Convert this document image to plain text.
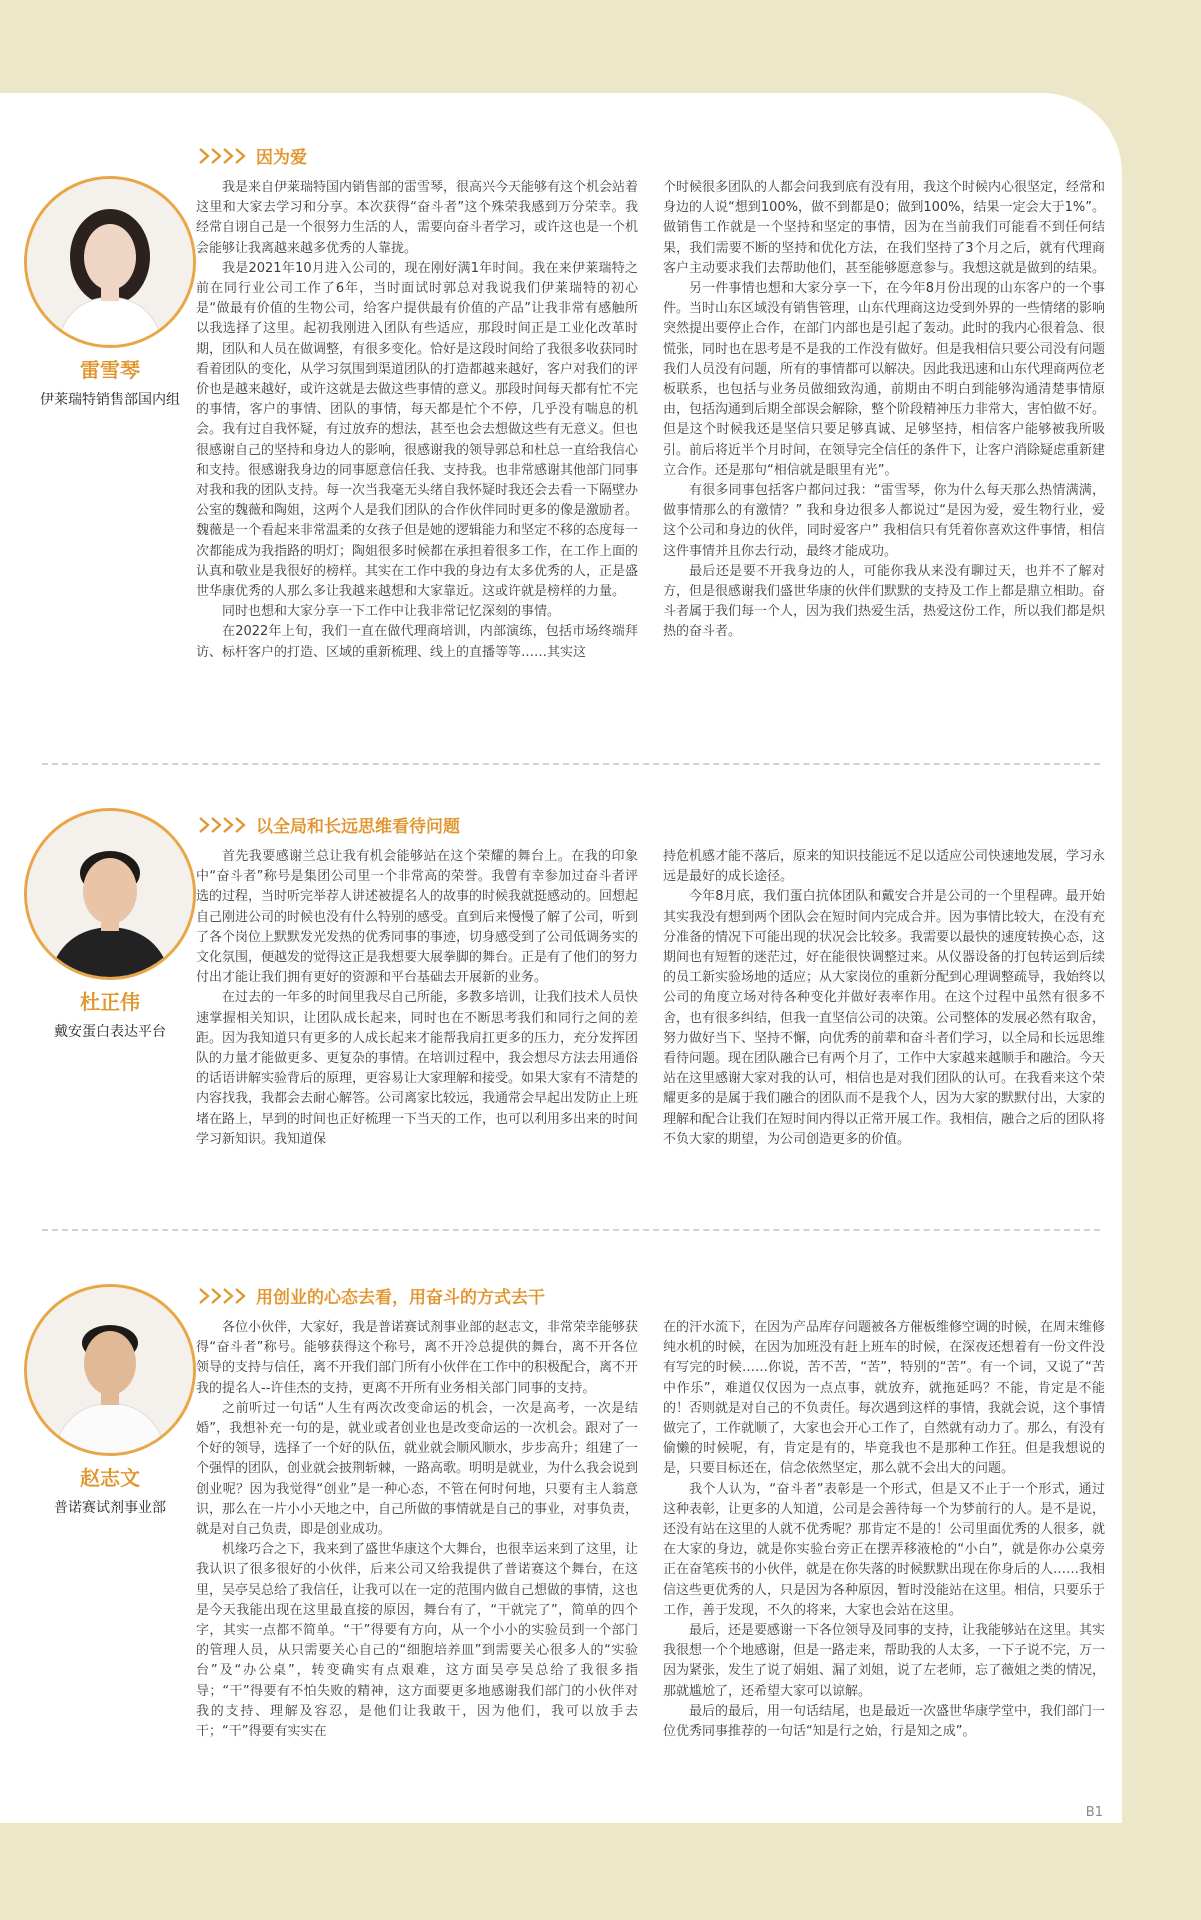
雷雪琴
伊莱瑞特销售部国内组
因为爱

我是来自伊莱瑞特国内销售部的雷雪琴，很高兴今天能够有这个机会站着这里和大家去学习和分享。本次获得“奋斗者”这个殊荣我感到万分荣幸。我经常自诩自己是一个很努力生活的人，需要向奋斗者学习，或许这也是一个机会能够让我离越来越多优秀的人靠拢。

我是2021年10月进入公司的，现在刚好满1年时间。我在来伊莱瑞特之前在同行业公司工作了6年，当时面试时郭总对我说我们伊莱瑞特的初心是“做最有价值的生物公司，给客户提供最有价值的产品”让我非常有感触所以我选择了这里。起初我刚进入团队有些适应，那段时间正是工业化改革时期，团队和人员在做调整，有很多变化。恰好是这段时间给了我很多收获同时看着团队的变化，从学习氛围到渠道团队的打造都越来越好，客户对我们的评价也是越来越好，或许这就是去做这些事情的意义。那段时间每天都有忙不完的事情，客户的事情、团队的事情，每天都是忙个不停，几乎没有喘息的机会。我有过自我怀疑，有过放弃的想法，甚至也会去想做这些有无意义。但也很感谢自己的坚持和身边人的影响，很感谢我的领导郭总和杜总一直给我信心和支持。很感谢我身边的同事愿意信任我、支持我。也非常感谢其他部门同事对我和我的团队支持。每一次当我毫无头绪自我怀疑时我还会去看一下隔壁办公室的魏薇和陶姐，这两个人是我们团队的合作伙伴同时更多的像是激励者。魏薇是一个看起来非常温柔的女孩子但是她的逻辑能力和坚定不移的态度每一次都能成为我指路的明灯；陶姐很多时候都在承担着很多工作，在工作上面的认真和敬业是我很好的榜样。其实在工作中我的身边有太多优秀的人，正是盛世华康优秀的人那么多让我越来越想和大家靠近。这或许就是榜样的力量。

同时也想和大家分享一下工作中让我非常记忆深刻的事情。

在2022年上旬，我们一直在做代理商培训，内部演练，包括市场终端拜访、标杆客户的打造、区域的重新梳理、线上的直播等等……其实这

个时候很多团队的人都会问我到底有没有用，我这个时候内心很坚定，经常和身边的人说“想到100%，做不到都是0；做到100%，结果一定会大于1%”。做销售工作就是一个坚持和坚定的事情，因为在当前我们可能看不到任何结果，我们需要不断的坚持和优化方法，在我们坚持了3个月之后，就有代理商客户主动要求我们去帮助他们，甚至能够愿意参与。我想这就是做到的结果。

另一件事情也想和大家分享一下，在今年8月份出现的山东客户的一个事件。当时山东区域没有销售管理，山东代理商这边受到外界的一些情绪的影响突然提出要停止合作，在部门内部也是引起了轰动。此时的我内心很着急、很慌张，同时也在思考是不是我的工作没有做好。但是我相信只要公司没有问题我们人员没有问题，所有的事情都可以解决。因此我迅速和山东代理商两位老板联系，也包括与业务员做细致沟通，前期由不明白到能够沟通清楚事情原由，包括沟通到后期全部误会解除，整个阶段精神压力非常大，害怕做不好。但是这个时候我还是坚信只要足够真诚、足够坚持，相信客户能够被我所吸引。前后将近半个月时间，在领导完全信任的条件下，让客户消除疑虑重新建立合作。还是那句“相信就是眼里有光”。

有很多同事包括客户都问过我：“雷雪琴，你为什么每天那么热情满满，做事情那么的有激情？” 我和身边很多人都说过“是因为爱，爱生物行业，爱这个公司和身边的伙伴，同时爱客户” 我相信只有凭着你喜欢这件事情，相信这件事情并且你去行动，最终才能成功。

最后还是要不开我身边的人，可能你我从来没有聊过天，也并不了解对方，但是很感谢我们盛世华康的伙伴们默默的支持及工作上都是鼎立相助。奋斗者属于我们每一个人，因为我们热爱生活，热爱这份工作，所以我们都是炽热的奋斗者。

杜正伟
戴安蛋白表达平台
以全局和长远思维看待问题

首先我要感谢兰总让我有机会能够站在这个荣耀的舞台上。在我的印象中“奋斗者”称号是集团公司里一个非常高的荣誉。我曾有幸参加过奋斗者评选的过程，当时听完举荐人讲述被提名人的故事的时候我就挺感动的。回想起自己刚进公司的时候也没有什么特别的感受。直到后来慢慢了解了公司，听到了各个岗位上默默发光发热的优秀同事的事迹，切身感受到了公司低调务实的文化氛围，便越发的觉得这正是我想要大展拳脚的舞台。正是有了他们的努力付出才能让我们拥有更好的资源和平台基础去开展新的业务。

在过去的一年多的时间里我尽自己所能，多教多培训，让我们技术人员快速掌握相关知识，让团队成长起来，同时也在不断思考我们和同行之间的差距。因为我知道只有更多的人成长起来才能帮我肩扛更多的压力，充分发挥团队的力量才能做更多、更复杂的事情。在培训过程中，我会想尽方法去用通俗的话语讲解实验背后的原理，更容易让大家理解和接受。如果大家有不清楚的内容找我，我都会去耐心解答。公司离家比较远，我通常会早起出发防止上班堵在路上，早到的时间也正好梳理一下当天的工作，也可以利用多出来的时间学习新知识。我知道保

持危机感才能不落后，原来的知识技能远不足以适应公司快速地发展，学习永远是最好的成长途径。

今年8月底，我们蛋白抗体团队和戴安合并是公司的一个里程碑。最开始其实我没有想到两个团队会在短时间内完成合并。因为事情比较大，在没有充分准备的情况下可能出现的状况会比较多。我需要以最快的速度转换心态，这期间也有短暂的迷茫过，好在能很快调整过来。从仪器设备的打包转运到后续的员工新实验场地的适应；从大家岗位的重新分配到心理调整疏导，我始终以公司的角度立场对待各种变化并做好表率作用。在这个过程中虽然有很多不舍，也有很多纠结，但我一直坚信公司的决策。公司整体的发展必然有取舍，努力做好当下、坚持不懈，向优秀的前辈和奋斗者们学习，以全局和长远思维看待问题。现在团队融合已有两个月了，工作中大家越来越顺手和融洽。今天站在这里感谢大家对我的认可，相信也是对我们团队的认可。在我看来这个荣耀更多的是属于我们融合的团队而不是我个人，因为大家的默默付出，大家的理解和配合让我们在短时间内得以正常开展工作。我相信，融合之后的团队将不负大家的期望，为公司创造更多的价值。

赵志文
普诺赛试剂事业部
用创业的心态去看，用奋斗的方式去干

各位小伙伴，大家好，我是普诺赛试剂事业部的赵志文，非常荣幸能够获得“奋斗者”称号。能够获得这个称号，离不开冷总提供的舞台，离不开各位领导的支持与信任，离不开我们部门所有小伙伴在工作中的积极配合，离不开我的提名人--许佳杰的支持，更离不开所有业务相关部门同事的支持。

之前听过一句话“人生有两次改变命运的机会，一次是高考，一次是结婚”，我想补充一句的是，就业或者创业也是改变命运的一次机会。跟对了一个好的领导，选择了一个好的队伍，就业就会顺风顺水，步步高升；组建了一个强悍的团队，创业就会披荆斩棘，一路高歌。明明是就业，为什么我会说到创业呢？因为我觉得“创业”是一种心态，不管在何时何地，只要有主人翁意识，那么在一片小小天地之中，自己所做的事情就是自己的事业，对事负责，就是对自己负责，即是创业成功。

机缘巧合之下，我来到了盛世华康这个大舞台，也很幸运来到了这里，让我认识了很多很好的小伙伴，后来公司又给我提供了普诺赛这个舞台，在这里，吴亭吴总给了我信任，让我可以在一定的范围内做自己想做的事情，这也是今天我能出现在这里最直接的原因，舞台有了，“干就完了”，简单的四个字，其实一点都不简单。“干”得要有方向，从一个小小的实验员到一个部门的管理人员，从只需要关心自己的“细胞培养皿”到需要关心很多人的“实验台”及“办公桌”，转变确实有点艰难，这方面吴亭吴总给了我很多指导；“干”得要有不怕失败的精神，这方面要更多地感谢我们部门的小伙伴对我的支持、理解及容忍，是他们让我敢干，因为他们，我可以放手去干；“干”得要有实实在

在的汗水流下，在因为产品库存问题被各方催板维修空调的时候，在周末维修纯水机的时候，在因为加班没有赶上班车的时候，在深夜还想着有一份文件没有写完的时候……你说，苦不苦，“苦”，特别的“苦”。有一个词，又说了“苦中作乐”，难道仅仅因为一点点事，就放弃，就拖延吗？不能，肯定是不能的！否则就是对自己的不负责任。每次遇到这样的事情，我就会说，这个事情做完了，工作就顺了，大家也会开心工作了，自然就有动力了。那么，有没有偷懒的时候呢，有，肯定是有的，毕竟我也不是那种工作狂。但是我想说的是，只要目标还在，信念依然坚定，那么就不会出大的问题。

我个人认为，“奋斗者”表彰是一个形式，但是又不止于一个形式，通过这种表彰，让更多的人知道，公司是会善待每一个为梦前行的人。是不是说，还没有站在这里的人就不优秀呢？那肯定不是的！公司里面优秀的人很多，就在大家的身边，就是你实验台旁正在摆弄移液枪的“小白”，就是你办公桌旁正在奋笔疾书的小伙伴，就是在你失落的时候默默出现在你身后的人……我相信这些更优秀的人，只是因为各种原因，暂时没能站在这里。相信，只要乐于工作，善于发现，不久的将来，大家也会站在这里。

最后，还是要感谢一下各位领导及同事的支持，让我能够站在这里。其实我很想一个个地感谢，但是一路走来，帮助我的人太多，一下子说不完，万一因为紧张，发生了说了娟姐、漏了刘姐，说了左老师，忘了薇姐之类的情况，那就尴尬了，还希望大家可以谅解。

最后的最后，用一句话结尾，也是最近一次盛世华康学堂中，我们部门一位优秀同事推荐的一句话“知是行之始，行是知之成”。

B1
